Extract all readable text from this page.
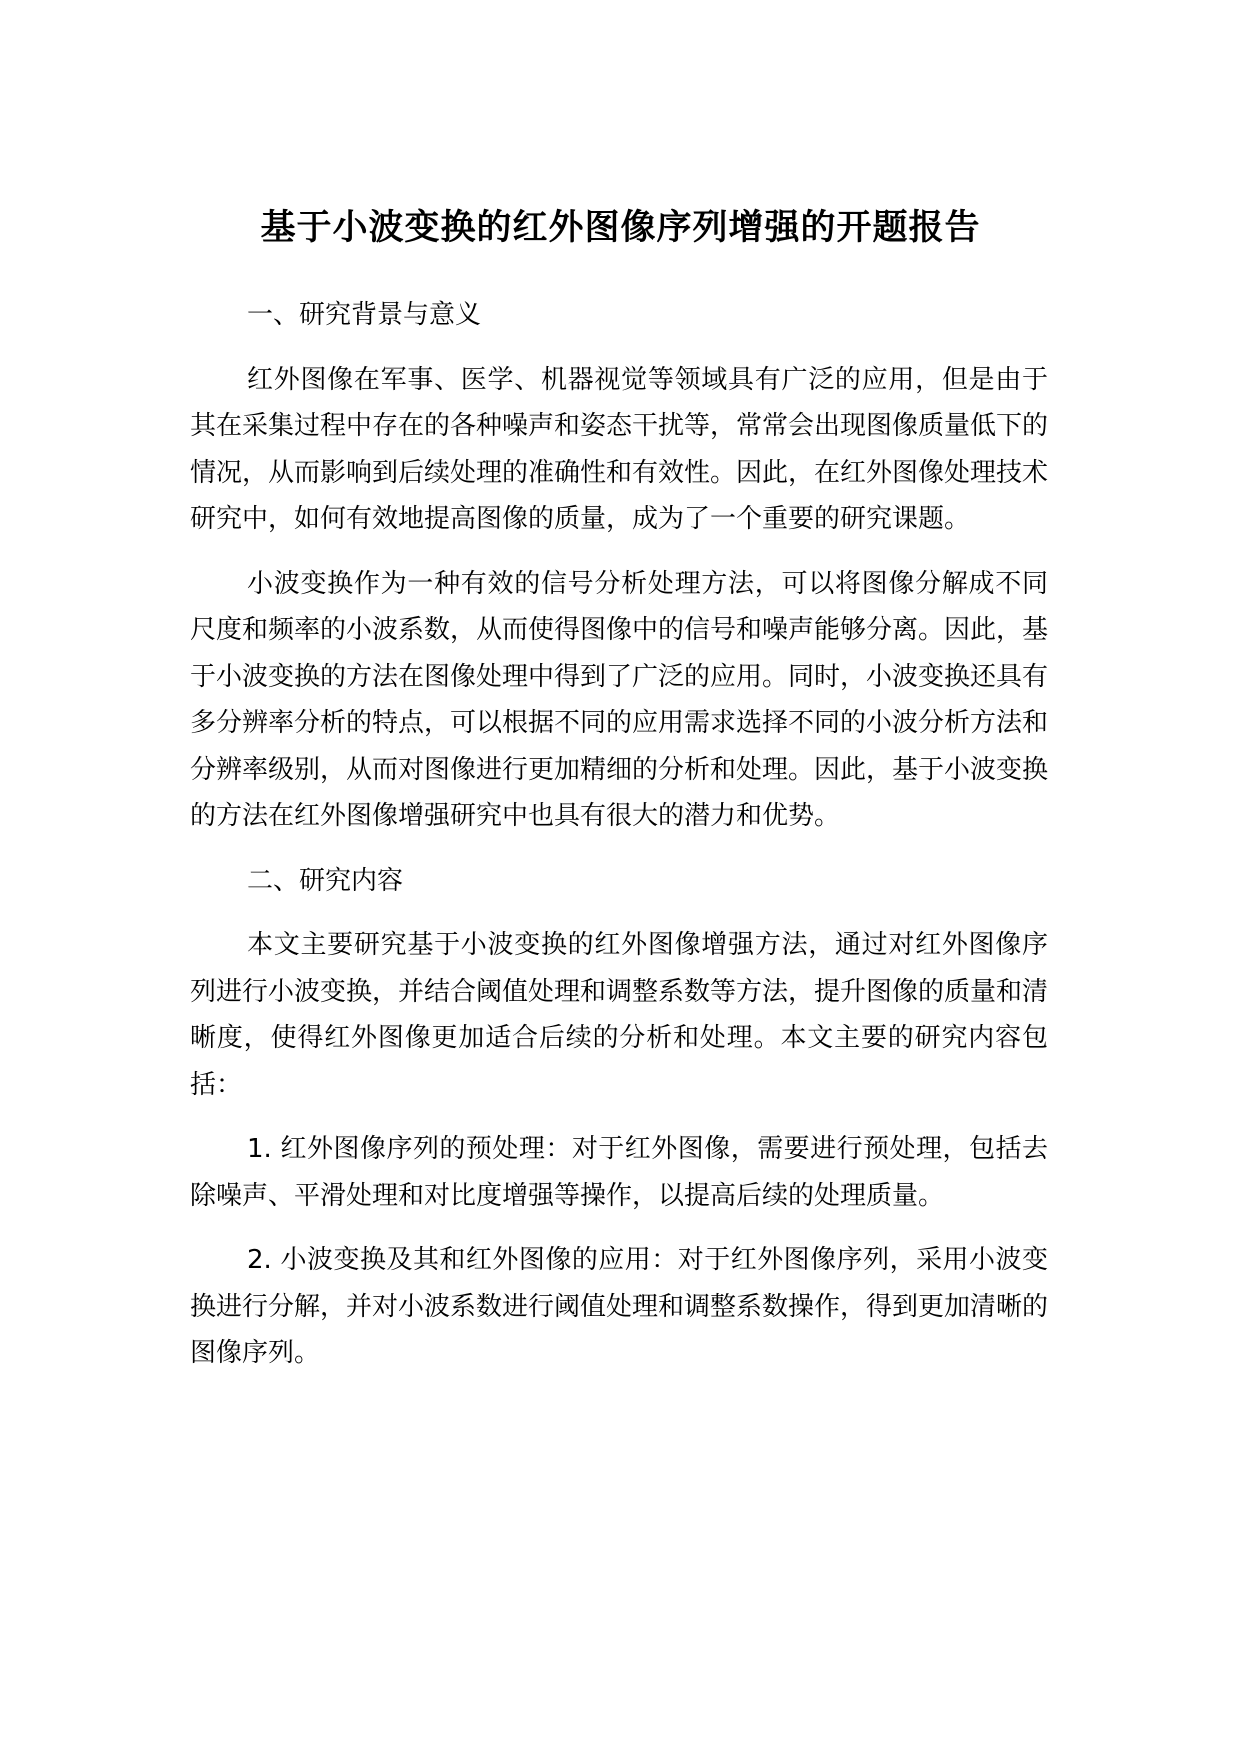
基于小波变换的红外图像序列增强的开题报告
一、研究背景与意义

红外图像在军事、医学、机器视觉等领域具有广泛的应用，但是由于其在采集过程中存在的各种噪声和姿态干扰等，常常会出现图像质量低下的情况，从而影响到后续处理的准确性和有效性。因此，在红外图像处理技术研究中，如何有效地提高图像的质量，成为了一个重要的研究课题。

小波变换作为一种有效的信号分析处理方法，可以将图像分解成不同尺度和频率的小波系数，从而使得图像中的信号和噪声能够分离。因此，基于小波变换的方法在图像处理中得到了广泛的应用。同时，小波变换还具有多分辨率分析的特点，可以根据不同的应用需求选择不同的小波分析方法和分辨率级别，从而对图像进行更加精细的分析和处理。因此，基于小波变换的方法在红外图像增强研究中也具有很大的潜力和优势。

二、研究内容

本文主要研究基于小波变换的红外图像增强方法，通过对红外图像序列进行小波变换，并结合阈值处理和调整系数等方法，提升图像的质量和清晰度，使得红外图像更加适合后续的分析和处理。本文主要的研究内容包括：

1. 红外图像序列的预处理：对于红外图像，需要进行预处理，包括去除噪声、平滑处理和对比度增强等操作，以提高后续的处理质量。

2. 小波变换及其和红外图像的应用：对于红外图像序列，采用小波变换进行分解，并对小波系数进行阈值处理和调整系数操作，得到更加清晰的图像序列。
